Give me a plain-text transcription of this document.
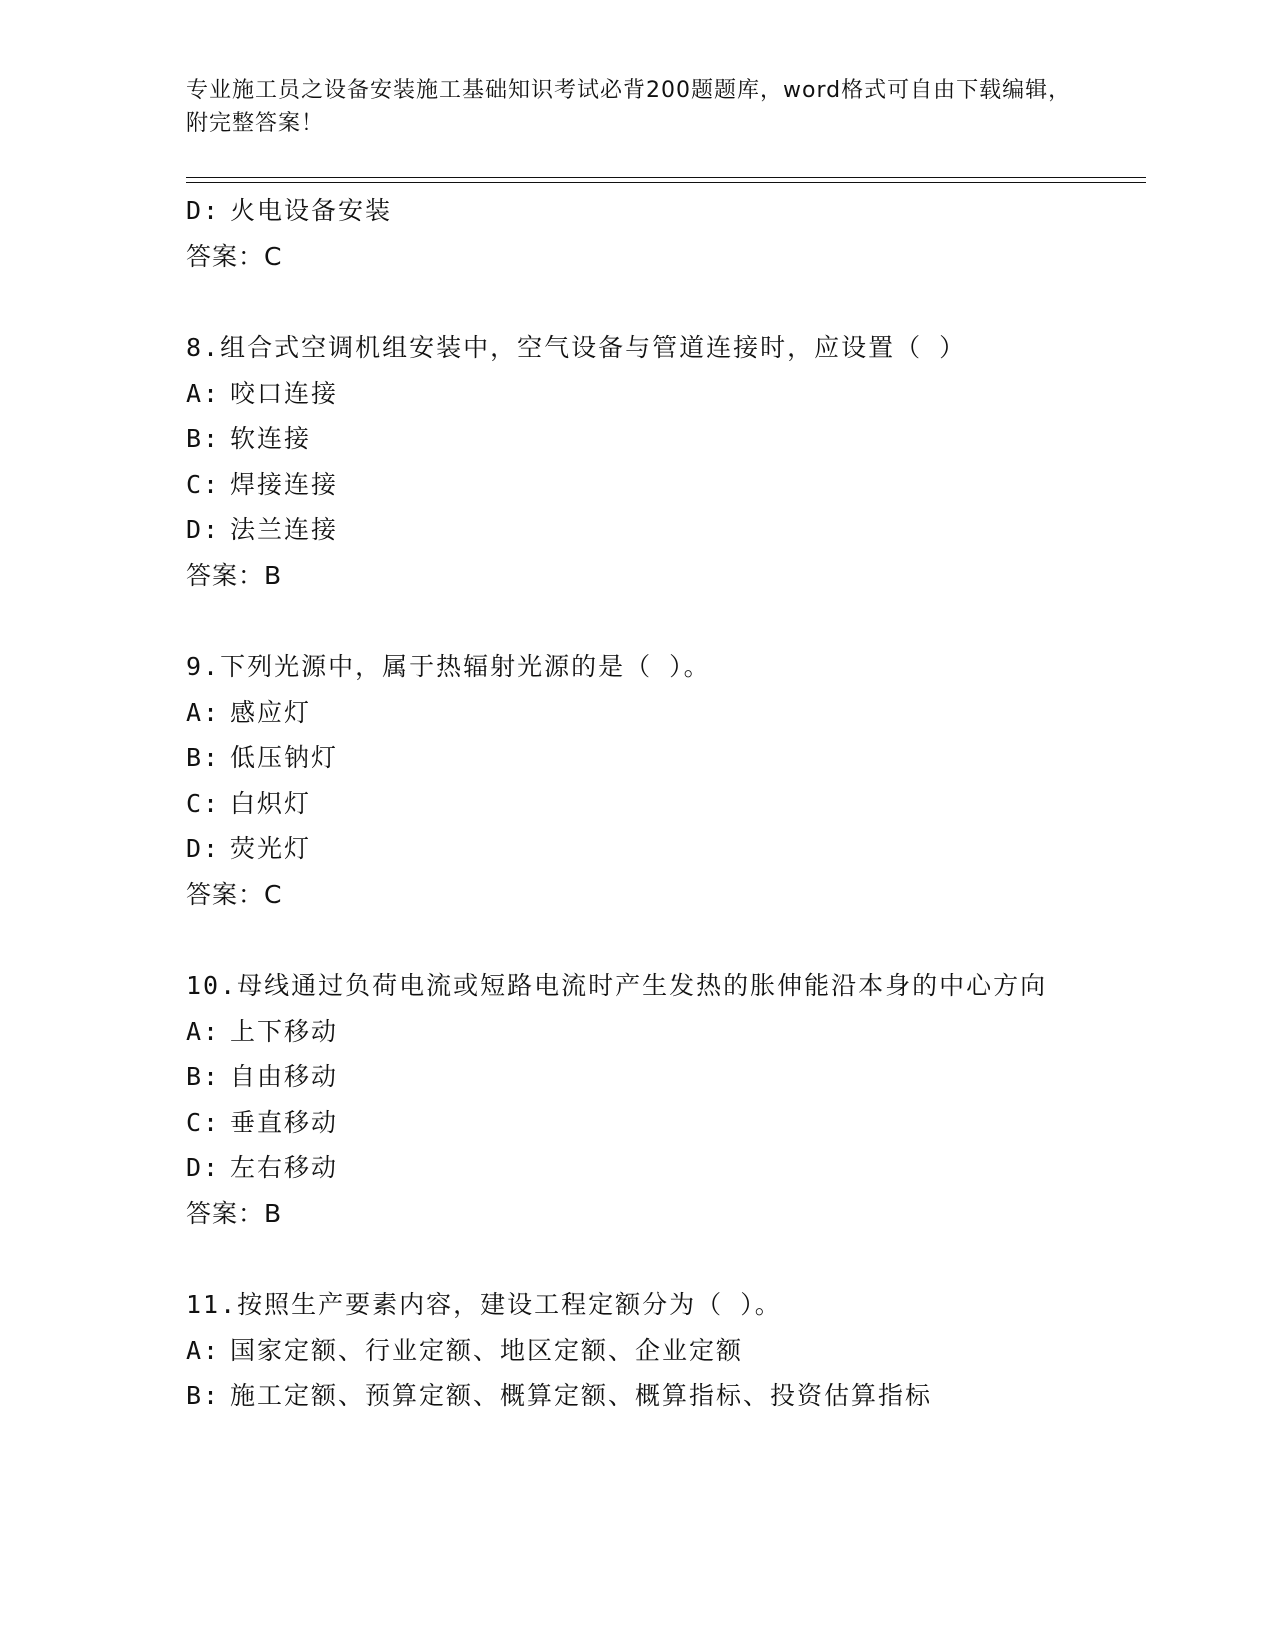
专业施工员之设备安装施工基础知识考试必背200题题库，word格式可自由下载编辑，附完整答案！
D: 火电设备安装
答案：C
8.组合式空调机组安装中，空气设备与管道连接时，应设置（ ）
A: 咬口连接
B: 软连接
C: 焊接连接
D: 法兰连接
答案：B
9.下列光源中，属于热辐射光源的是（ ）。
A: 感应灯
B: 低压钠灯
C: 白炽灯
D: 荧光灯
答案：C
10.母线通过负荷电流或短路电流时产生发热的胀伸能沿本身的中心方向
A: 上下移动
B: 自由移动
C: 垂直移动
D: 左右移动
答案：B
11.按照生产要素内容，建设工程定额分为（ ）。
A: 国家定额、行业定额、地区定额、企业定额
B: 施工定额、预算定额、概算定额、概算指标、投资估算指标
